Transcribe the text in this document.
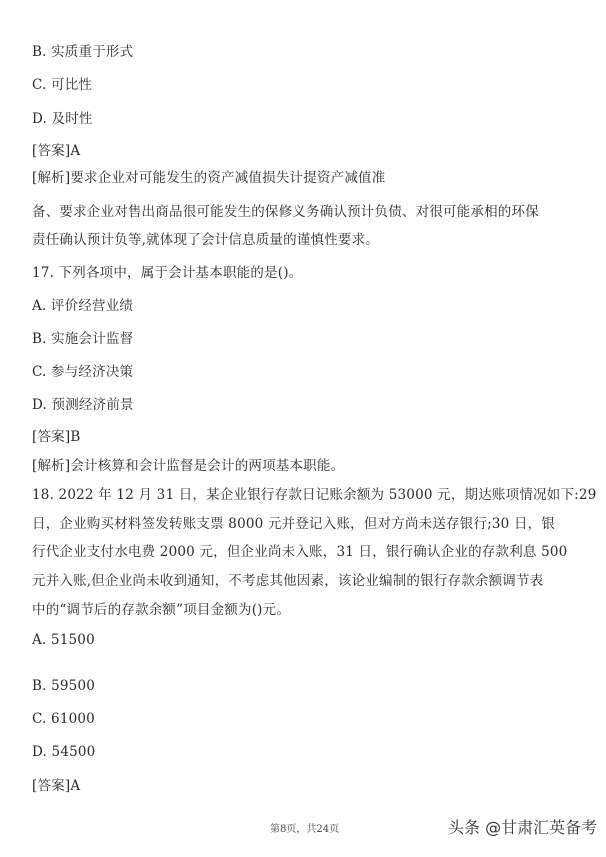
B. 实质重于形式
C. 可比性
D. 及时性
[答案]A
[解析]要求企业对可能发生的资产减值损失计提资产减值准
备、要求企业对售出商品很可能发生的保修义务确认预计负债、对很可能承相的环保
责任确认预计负等,就体现了会计信息质量的谨慎性要求。
17. 下列各项中，属于会计基本职能的是()。
A. 评价经营业绩
B. 实施会计监督
C. 参与经济决策
D. 预测经济前景
[答案]B
[解析]会计核算和会计监督是会计的两项基本职能。
18. 2022 年 12 月 31 日，某企业银行存款日记账余额为 53000 元，期达账项情况如下:29
日，企业购买材料签发转账支票 8000 元并登记入账，但对方尚未送存银行;30 日，银
行代企业支付水电费 2000 元，但企业尚未入账，31 日，银行确认企业的存款利息 500
元并入账,但企业尚未收到通知，不考虑其他因素，该论业编制的银行存款余额调节表
中的“调节后的存款余额”项目金额为()元。
A. 51500
B. 59500
C. 61000
D. 54500
[答案]A
第8页，共24页	头条 @甘肃汇英备考
